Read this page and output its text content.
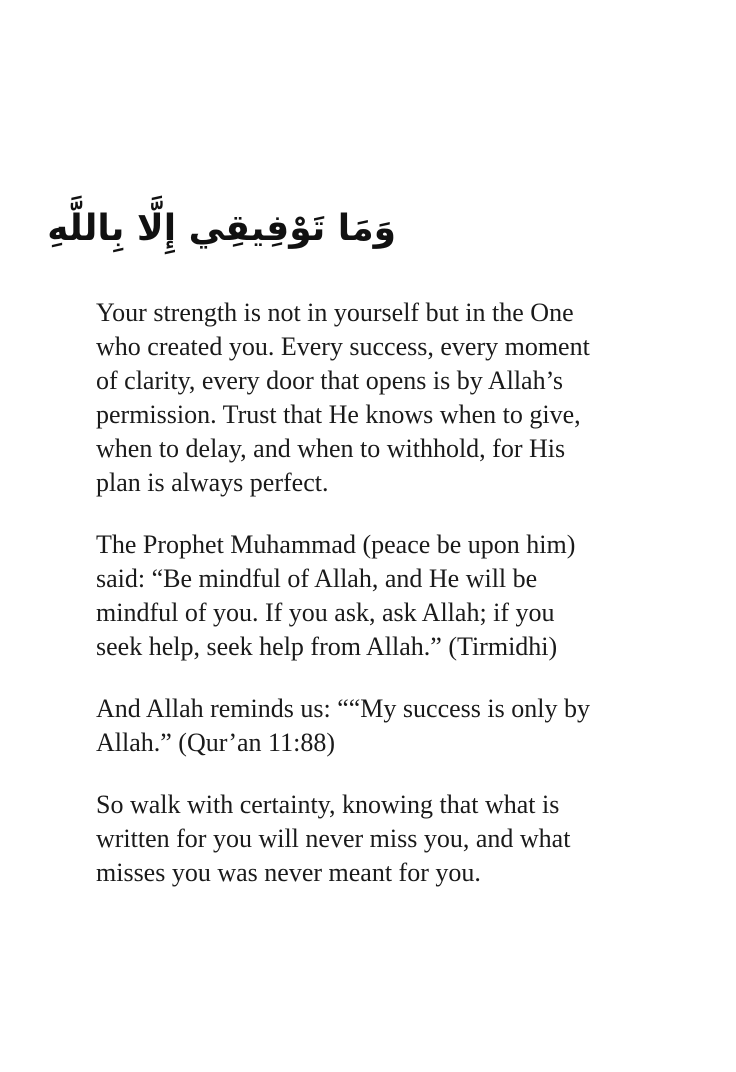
وَمَا تَوْفِيقِي إِلَّا بِاللَّهِ

Your strength is not in yourself but in the One
who created you. Every success, every moment
of clarity, every door that opens is by Allah’s
permission. Trust that He knows when to give,
when to delay, and when to withhold, for His
plan is always perfect.

The Prophet Muhammad (peace be upon him)
said: “Be mindful of Allah, and He will be
mindful of you. If you ask, ask Allah; if you
seek help, seek help from Allah.” (Tirmidhi)

And Allah reminds us: ““My success is only by
Allah.” (Qur’an 11:88)

So walk with certainty, knowing that what is
written for you will never miss you, and what
misses you was never meant for you.
